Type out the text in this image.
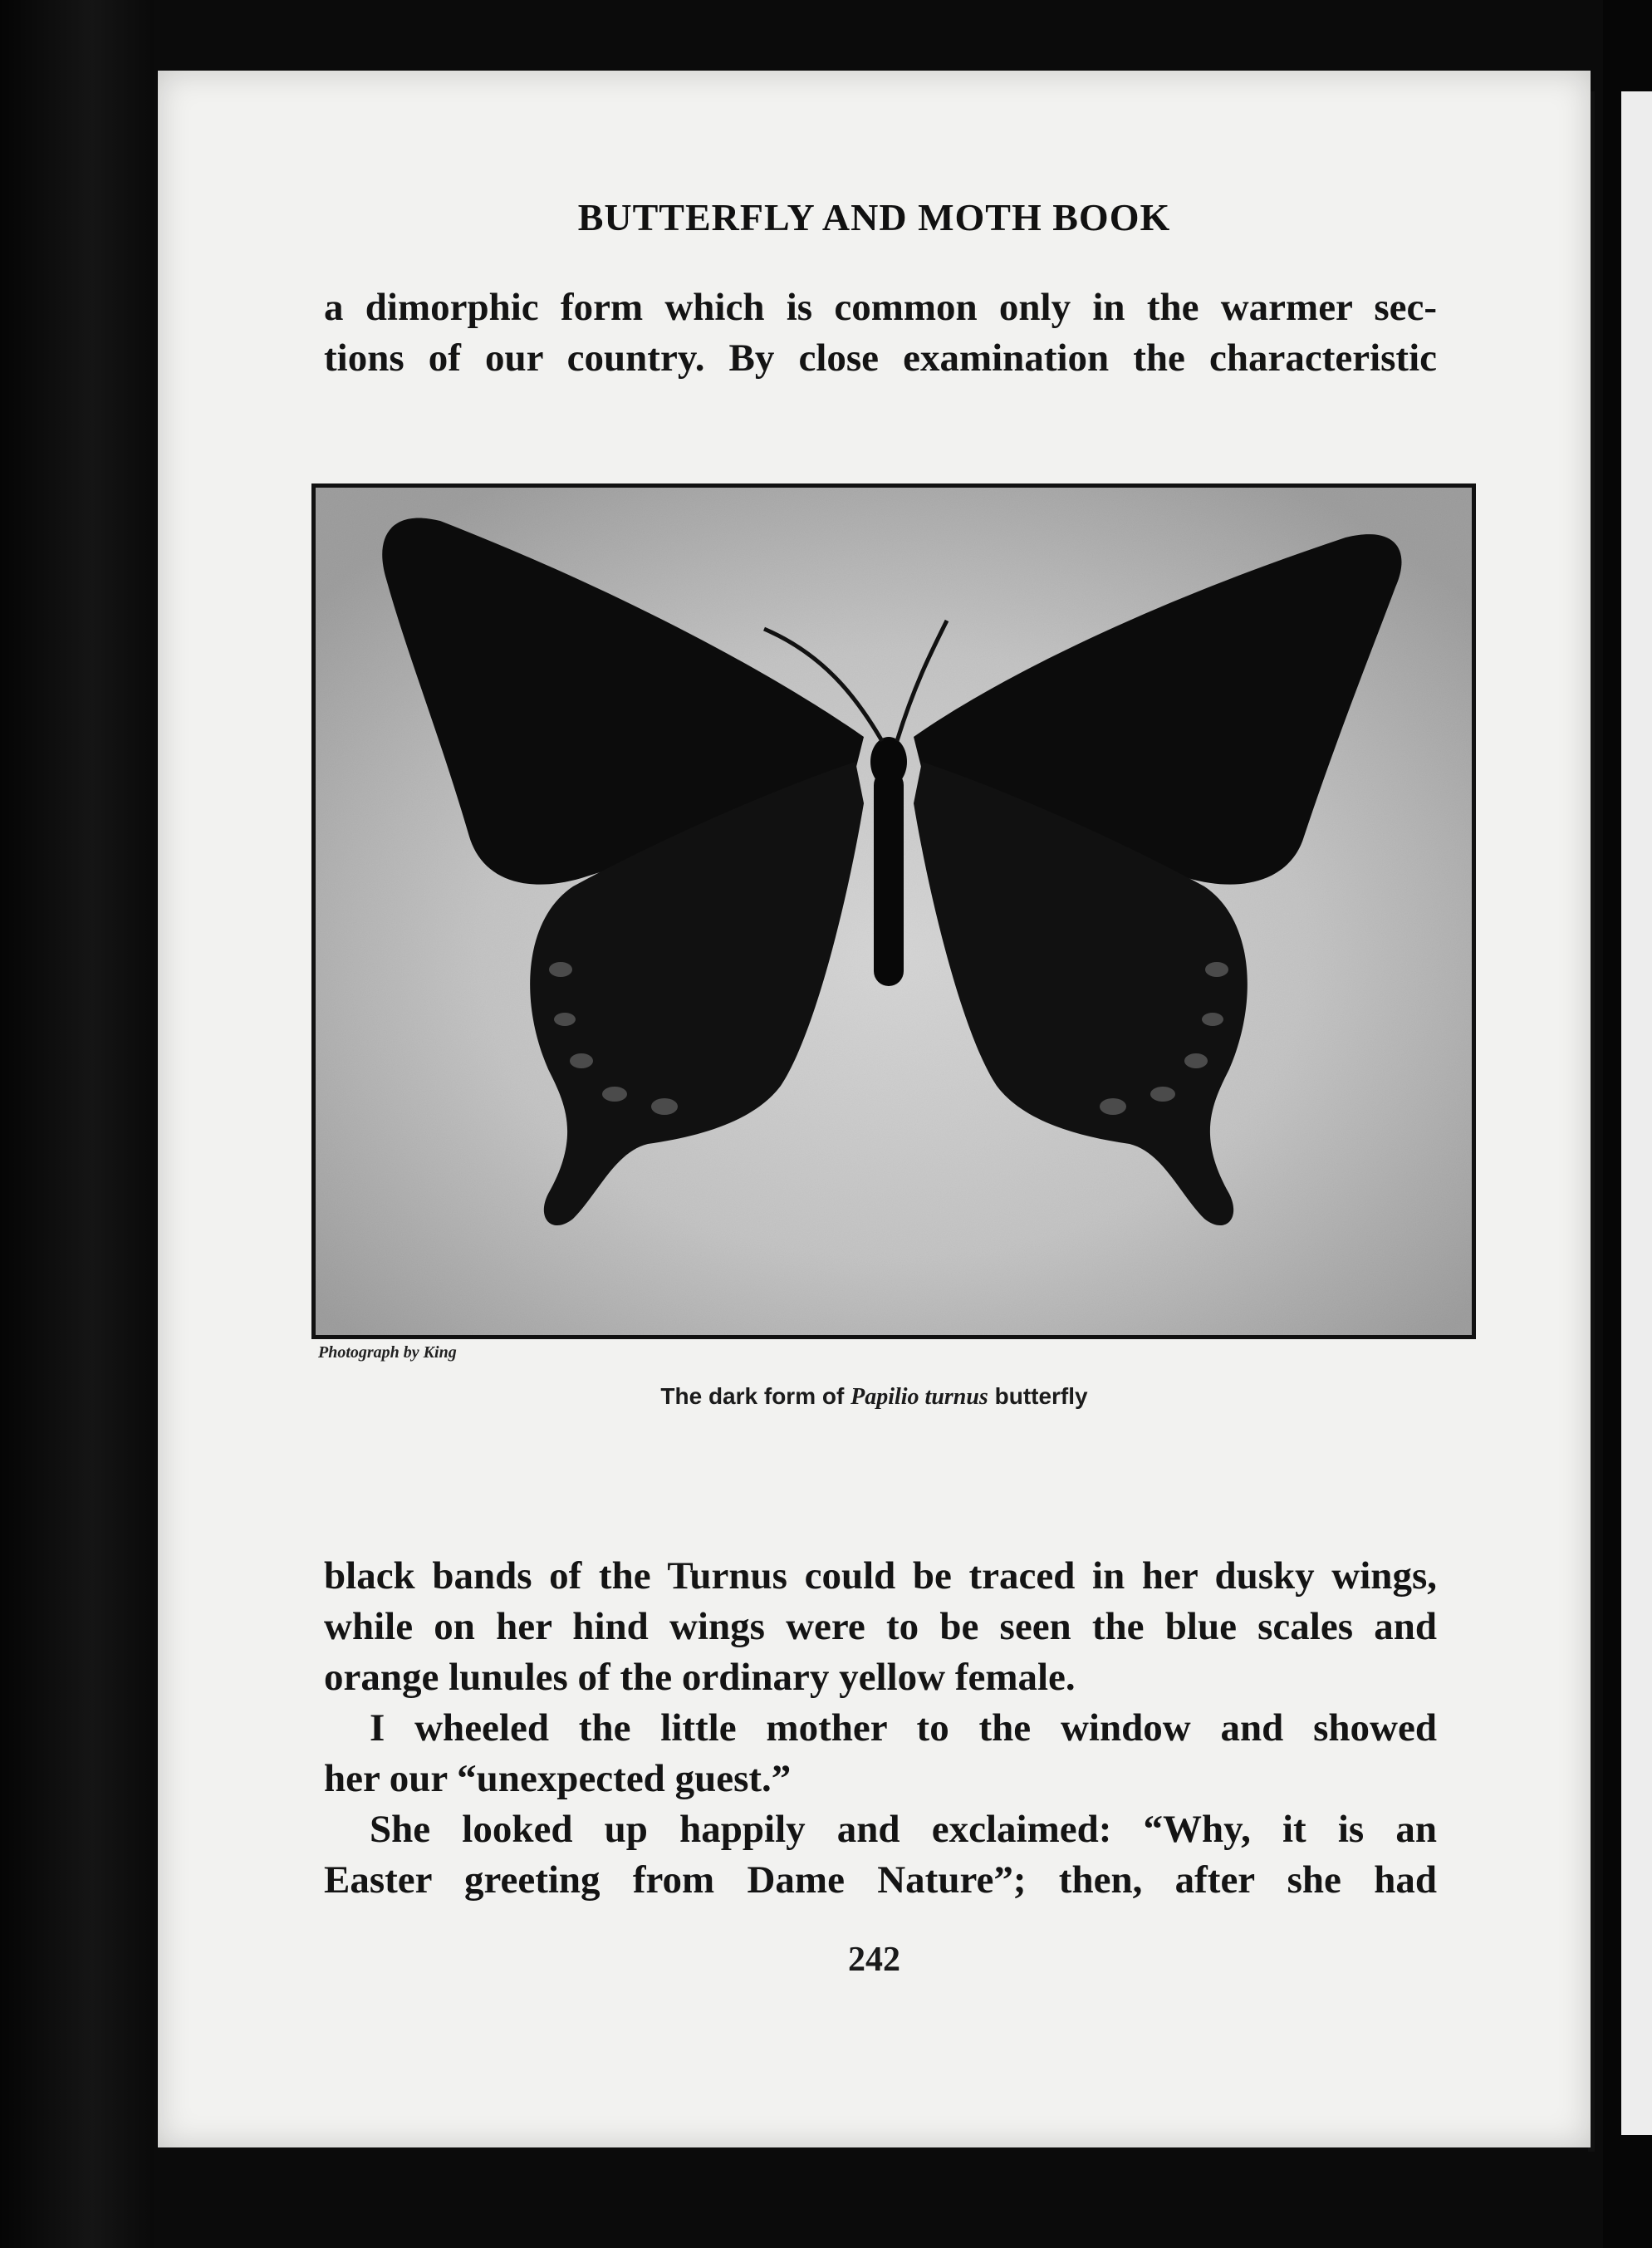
BUTTERFLY AND MOTH BOOK
a dimorphic form which is common only in the warmer sec-
tions of our country. By close examination the characteristic
Photograph by King
The dark form of Papilio turnus butterfly
black bands of the Turnus could be traced in her dusky wings,
while on her hind wings were to be seen the blue scales and
orange lunules of the ordinary yellow female.
I wheeled the little mother to the window and showed
her our “unexpected guest.”
She looked up happily and exclaimed: “Why, it is an
Easter greeting from Dame Nature”; then, after she had
242
